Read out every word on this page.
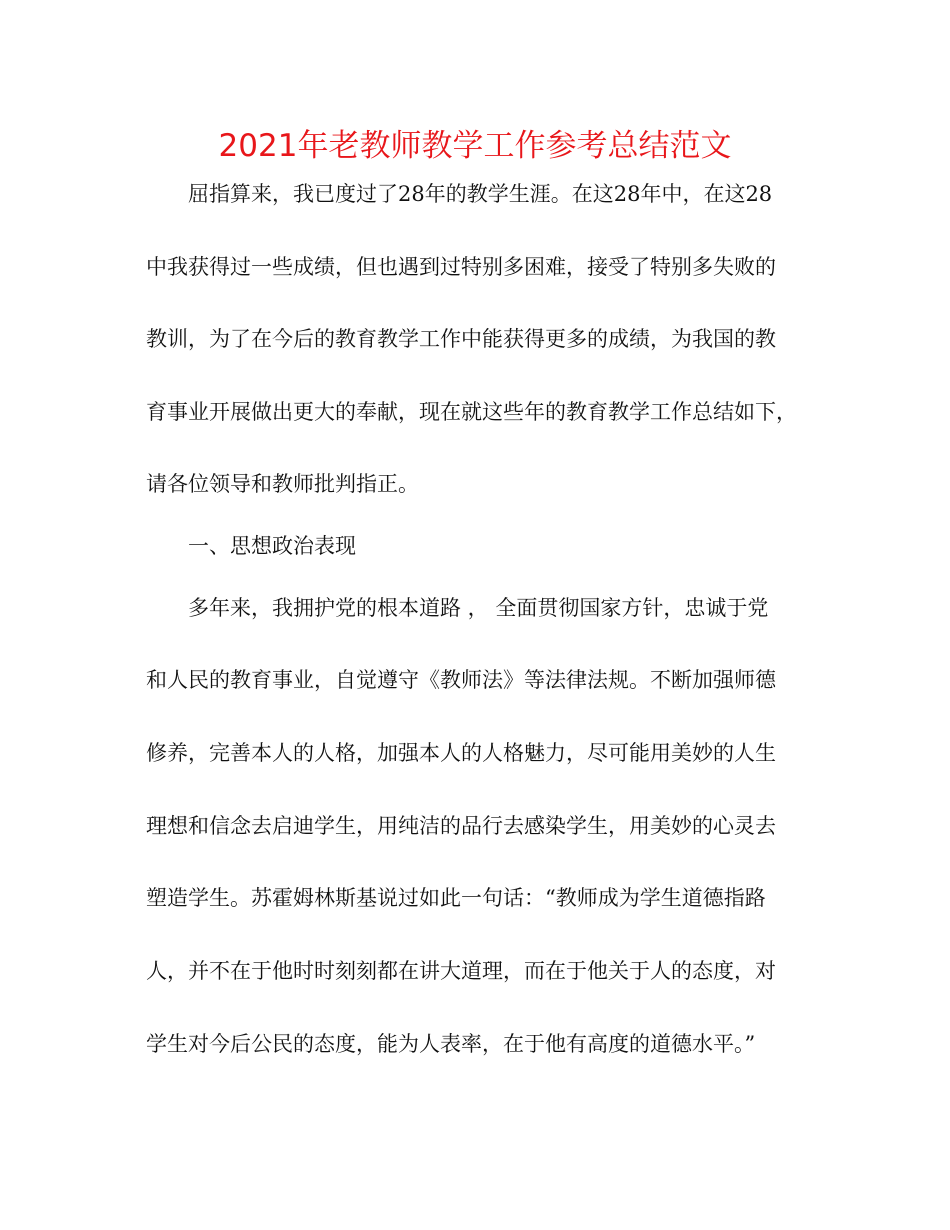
2021年老教师教学工作参考总结范文
屈指算来，我已度过了28年的教学生涯。在这28年中，在这28
中我获得过一些成绩，但也遇到过特别多困难，接受了特别多失败的
教训，为了在今后的教育教学工作中能获得更多的成绩，为我国的教
育事业开展做出更大的奉献，现在就这些年的教育教学工作总结如下，
请各位领导和教师批判指正。
一、思想政治表现
多年来，我拥护党的根本道路 ， 全面贯彻国家方针，忠诚于党
和人民的教育事业，自觉遵守《教师法》等法律法规。不断加强师德
修养，完善本人的人格，加强本人的人格魅力，尽可能用美妙的人生
理想和信念去启迪学生，用纯洁的品行去感染学生，用美妙的心灵去
塑造学生。苏霍姆林斯基说过如此一句话：“教师成为学生道德指路
人，并不在于他时时刻刻都在讲大道理，而在于他关于人的态度，对
学生对今后公民的态度，能为人表率，在于他有高度的道德水平。”
